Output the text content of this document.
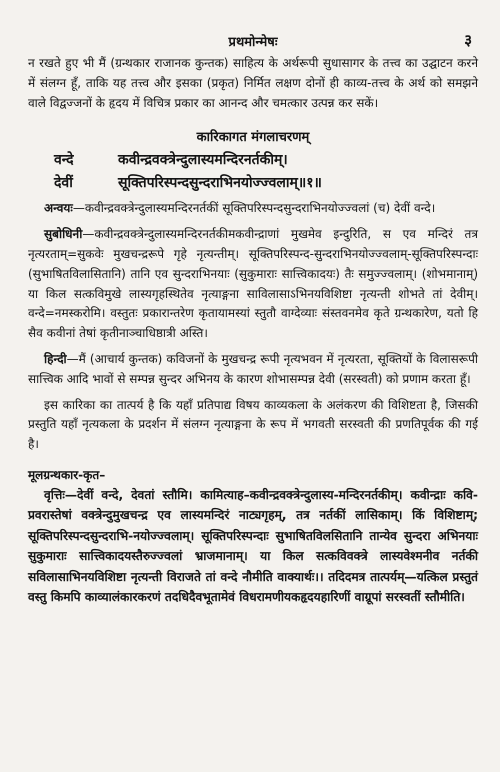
प्रथमोन्मेषः	३

न रखते हुए भी मैं (ग्रन्थकार राजानक कुन्तक) साहित्य के अर्थरूपी सुधासागर के तत्त्व का उद्घाटन करने में संलग्न हूँ, ताकि यह तत्त्व और इसका (प्रकृत) निर्मित लक्षण दोनों ही काव्य-तत्त्व के अर्थ को समझने वाले विद्वज्जनों के हृदय में विचित्र प्रकार का आनन्द और चमत्कार उत्पन्न कर सकें।

कारिकागत मंगलाचरणम्
वन्दे	कवीन्द्रवक्त्रेन्दुलास्यमन्दिरनर्तकीम्।
देवीं	सूक्तिपरिस्पन्दसुन्दराभिनयोज्ज्वलाम्॥१॥

अन्वयः—कवीन्द्रवक्त्रेन्दुलास्यमन्दिरनर्तकीं सूक्तिपरिस्पन्दसुन्दराभिनयोज्ज्वलां (च) देवीं वन्दे।

सुबोधिनी—कवीन्द्रवक्त्रेन्दुलास्यमन्दिरनर्तकीमकवीन्द्राणां मुखमेव इन्दुरिति, स एव मन्दिरं तत्र नृत्यरताम्=सुकवेः मुखचन्द्ररूपे गृहे नृत्यन्तीम्। सूक्तिपरिस्पन्द-सुन्दराभिनयोज्ज्वलाम्-सूक्तिपरिस्पन्दाः (सुभाषितविलासितानि) तानि एव सुन्दराभिनयाः (सुकुमाराः सात्त्विकादयः) तैः समुज्ज्वलाम्। (शोभमानाम्) या किल सत्कविमुखे लास्यगृहस्थितेव नृत्याङ्गना साविलासाऽभिनयविशिष्टा नृत्यन्ती शोभते तां देवीम्। वन्दे=नमस्करोमि। वस्तुतः प्रकारान्तरेण कृतायामस्यां स्तुतौ वाग्देव्याः संस्तवनमेव कृते ग्रन्थकारेण, यतो हि सैव कवीनां तेषां कृतीनाञ्चाधिष्ठात्री अस्ति।

हिन्दी—मैं (आचार्य कुन्तक) कविजनों के मुखचन्द्र रूपी नृत्यभवन में नृत्यरता, सूक्तियों के विलासरूपी सात्त्विक आदि भावों से सम्पन्न सुन्दर अभिनय के कारण शोभासम्पन्न देवी (सरस्वती) को प्रणाम करता हूँ।

इस कारिका का तात्पर्य है कि यहाँ प्रतिपाद्य विषय काव्यकला के अलंकरण की विशिष्टता है, जिसकी प्रस्तुति यहाँ नृत्यकला के प्रदर्शन में संलग्न नृत्याङ्गना के रूप में भगवती सरस्वती की प्रणतिपूर्वक की गई है।

मूलग्रन्थकार-कृत–

वृत्तिः—देवीं वन्दे, देवतां स्तौमि। कामित्याह–कवीन्द्रवक्त्रेन्दुलास्य-मन्दिरनर्तकीम्। कवीन्द्राः कवि-प्रवरास्तेषां वक्त्रेन्दुमुखचन्द्र एव लास्यमन्दिरं नाट्यगृहम्, तत्र नर्तकीं लासिकाम्। किं विशिष्टाम्; सूक्तिपरिस्पन्दसुन्दराभि-नयोज्ज्वलाम्। सूक्तिपरिस्पन्दाः सुभाषितविलसितानि तान्येव सुन्दरा अभिनयाः सुकुमाराः सात्त्विकादयस्तैरुज्ज्वलां भ्राजमानाम्। या किल सत्कविवक्त्रे लास्यवेश्मनीव नर्तकी सविलासाभिनयविशिष्टा नृत्यन्ती विराजते तां वन्दे नौमीति वाक्यार्थः।। तदिदमत्र तात्पर्यम्—यत्किल प्रस्तुतं वस्तु किमपि काव्यालंकारकरणं तदधिदैवभूतामेवं विधरामणीयकहृदयहारिणीं वाग्रूपां सरस्वतीं स्तौमीति।
